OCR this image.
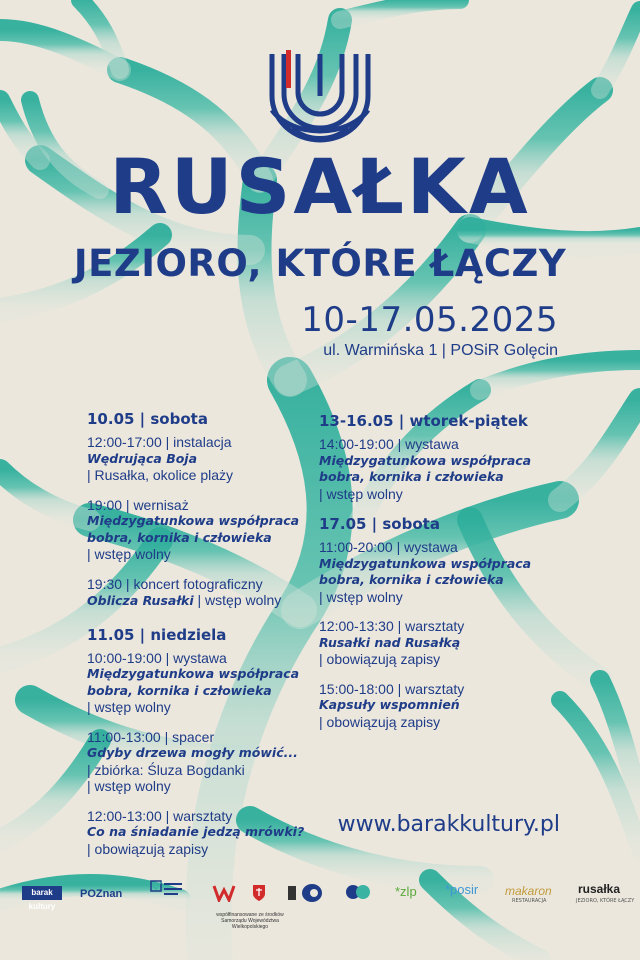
RUSAŁKA
JEZIORO, KTÓRE ŁĄCZY
10-17.05.2025
ul. Warmińska 1 | POSiR Golęcin
10.05 | sobota
12:00-17:00 | instalacja
Wędrująca Boja
| Rusałka, okolice plaży
19:00 | wernisaż
Międzygatunkowa współpraca
bobra, kornika i człowieka
| wstęp wolny
19:30 | koncert fotograficzny
Oblicza Rusałki | wstęp wolny
11.05 | niedziela
10:00-19:00 | wystawa
Międzygatunkowa współpraca
bobra, kornika i człowieka
| wstęp wolny
11:00-13:00 | spacer
Gdyby drzewa mogły mówić...
| zbiórka: Śluza Bogdanki
| wstęp wolny
12:00-13:00 | warsztaty
Co na śniadanie jedzą mrówki?
| obowiązują zapisy
13-16.05 | wtorek-piątek
14:00-19:00 | wystawa
Międzygatunkowa współpraca
bobra, kornika i człowieka
| wstęp wolny
17.05 | sobota
11:00-20:00 | wystawa
Międzygatunkowa współpraca
bobra, kornika i człowieka
| wstęp wolny
12:00-13:30 | warsztaty
Rusałki nad Rusałką
| obowiązują zapisy
15:00-18:00 | warsztaty
Kapsuły wspomnień
| obowiązują zapisy
www.barakkultury.pl
barak kultury
POZnan
współfinansowane ze środków Samorządu Województwa Wielkopolskiego
*zlp *posir makaron
RESTAURACJA
rusałka
JEZIORO, KTÓRE ŁĄCZY
